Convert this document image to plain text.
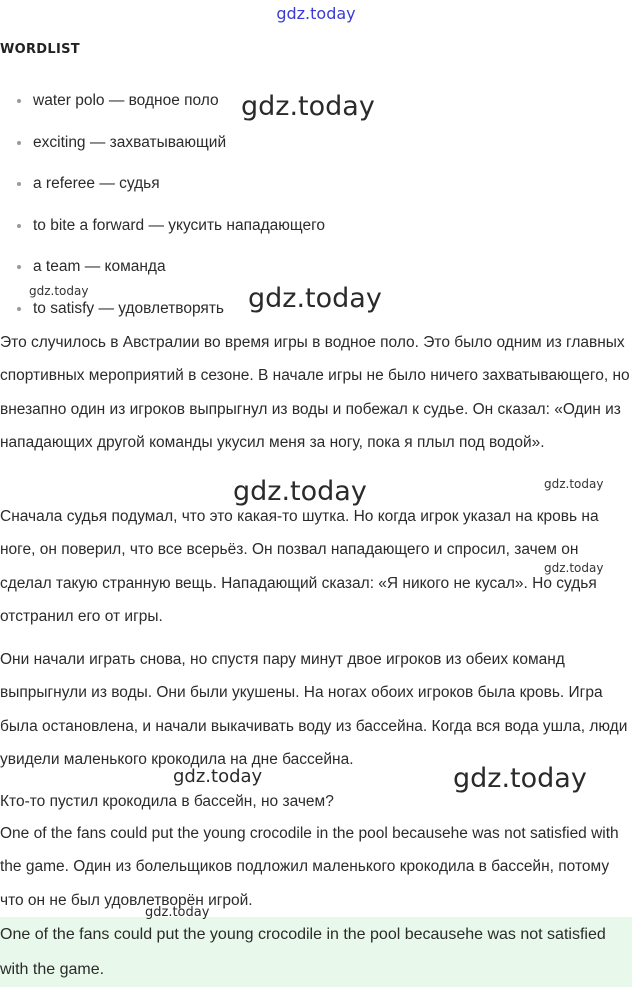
gdz.today
WORDLIST
water polo — водное поло
exciting — захватывающий
a referee — судья
to bite a forward — укусить нападающего
a team — команда
to satisfy — удовлетворять

Это случилось в Австралии во время игры в водное поло. Это было одним из главных спортивных мероприятий в сезоне. В начале игры не было ничего захватывающего, но внезапно один из игроков выпрыгнул из воды и побежал к судье. Он сказал: «Один из нападающих другой команды укусил меня за ногу, пока я плыл под водой».

Сначала судья подумал, что это какая-то шутка. Но когда игрок указал на кровь на ноге, он поверил, что все всерьёз. Он позвал нападающего и спросил, зачем он сделал такую странную вещь. Нападающий сказал: «Я никого не кусал». Но судья отстранил его от игры.

Они начали играть снова, но спустя пару минут двое игроков из обеих команд выпрыгнули из воды. Они были укушены. На ногах обоих игроков была кровь. Игра была остановлена, и начали выкачивать воду из бассейна. Когда вся вода ушла, люди увидели маленького крокодила на дне бассейна.

Кто-то пустил крокодила в бассейн, но зачем?

One of the fans could put the young crocodile in the pool becausehe was not satisfied with the game. Один из болельщиков подложил маленького крокодила в бассейн, потому что он не был удовлетворён игрой.

One of the fans could put the young crocodile in the pool becausehe was not satisfied with the game.

gdz.today
gdz.today	gdz.today
gdz.today	gdz.today
gdz.today
gdz.today	gdz.today
gdz.today
